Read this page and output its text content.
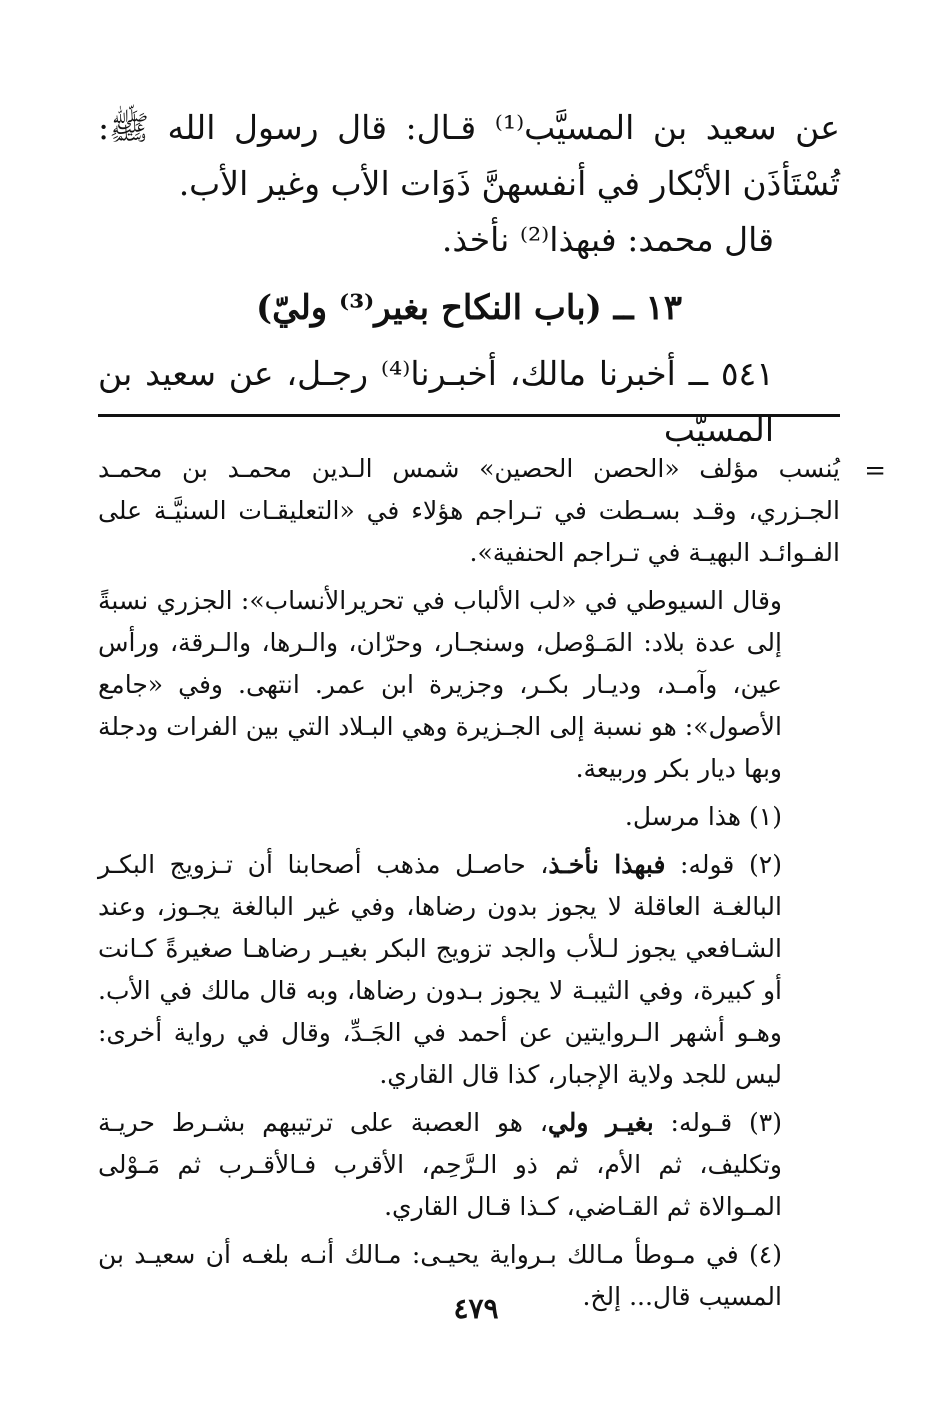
عن سعيد بن المسيَّب⁽¹⁾ قـال: قال رسول الله ﷺ: تُسْتَأذَن الأبْكار في أنفسهنَّ ذَوَات الأب وغير الأب.

قال محمد: فبهذا⁽²⁾ نأخذ.

١٣ ــ (باب النكاح بغير⁽³⁾ وليّ)

٥٤١ ــ أخبرنا مالك، أخبـرنا⁽⁴⁾ رجـل، عن سعيد بن المسيّب

=

يُنسب مؤلف «الحصن الحصين» شمس الـدين محمـد بن محمـد الجـزري، وقـد بسـطت في تـراجم هؤلاء في «التعليقـات السنيَّـة على الفـوائـد البهيـة في تـراجم الحنفية».

وقال السيوطي في «لب الألباب في تحريرالأنساب»: الجزري نسبةً إلى عدة بلاد: المَـوْصل، وسنجـار، وحرّان، والـرها، والـرقة، ورأس عين، وآمـد، وديـار بكـر، وجزيرة ابن عمر. انتهى. وفي «جامع الأصول»: هو نسبة إلى الجـزيرة وهي البـلاد التي بين الفرات ودجلة وبها ديار بكر وربيعة.

(١) هذا مرسل.

(٢) قوله: فبهذا نأخـذ، حاصـل مذهب أصحابنا أن تـزويج البكـر البالغـة العاقلة لا يجوز بدون رضاها، وفي غير البالغة يجـوز، وعند الشـافعي يجوز لـلأب والجد تزويج البكر بغيـر رضاهـا صغيرةً كـانت أو كبيرة، وفي الثيبـة لا يجوز بـدون رضاها، وبه قال مالك في الأب. وهـو أشهر الـروايتين عن أحمد في الجَـدِّ، وقال في رواية أخرى: ليس للجد ولاية الإجبار، كذا قال القاري.

(٣) قـوله: بغيـر ولي، هو العصبة على ترتيبهم بشـرط حريـة وتكليف، ثم الأم، ثم ذو الـرَّحِم، الأقرب فـالأقـرب ثم مَـوْلى المـوالاة ثم القـاضي، كـذا قـال القاري.

(٤) في مـوطأ مـالك بـرواية يحيـى: مـالك أنـه بلغـه أن سعيـد بن المسيب قال... إلخ.

٤٧٩
